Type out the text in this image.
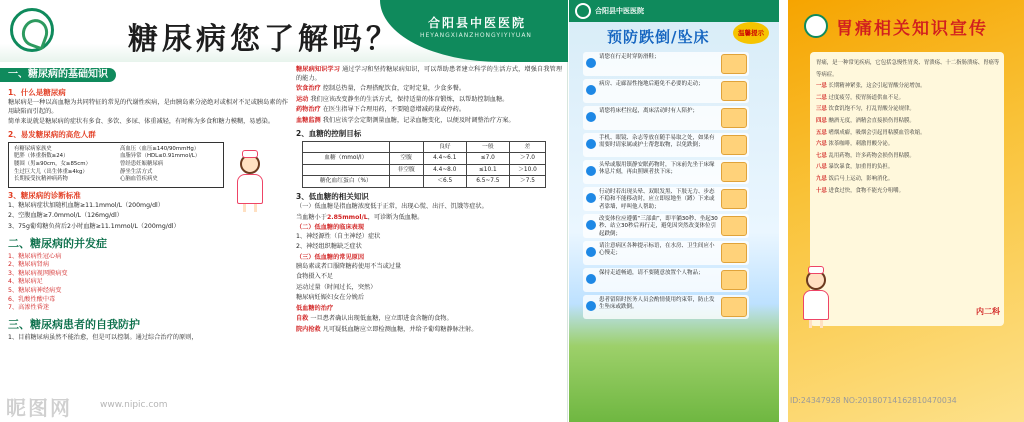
糖尿病您了解吗？ 合阳县中医医院
HEYANGXIANZHONGYIYIYUAN
一、糖尿病的基础知识
1、什么是糖尿病
糖尿病是一种以高血糖为共同特征的常见的代谢性疾病，是由胰岛素分泌绝对或相对不足或胰岛素的作用缺陷而引起的。
简单来说就是糖尿病的症状有多食、多饮、多尿、体重减轻，有时称为多食和糖力模糊，易感染。
2、易发糖尿病的高危人群
有糖尿病家族史	高血压（血压≥140/90mmHg）
肥胖（体重指数≥24）	血脂异常（HDL≤0.91mmol/L）
腰围（男≥90cm，女≥85cm）	曾经患妊娠糖尿病
生过巨大儿（出生体重≥4kg）	静坐生活方式
长期接受抗精神病药物	心脑血管疾病史
3、糖尿病的诊断标准
1、糖尿病症状加随机血糖≥11.1mmol/L（200mg/dl）
2、空腹血糖≥7.0mmol/L（126mg/dl）
3、75g葡萄糖负荷后2小时血糖≥11.1mmol/L（200mg/dl）
二、糖尿病的并发症
1、糖尿病性冠心病
2、糖尿病肾病
3、糖尿病视网膜病变
4、糖尿病足
5、糖尿病神经病变
6、乳酸性酸中毒
7、高渗性昏迷
三、糖尿病患者的自我防护
1、目前糖尿病虽然不能治愈，但是可以控制。通过综合治疗的原则，
糖尿病知识学习 通过学习和坚持糖尿病知识，可以帮助患者建立科学的生活方式，增强自我管理的能力。
饮食治疗 控制总热量，合理搭配饮食，定时定量，少食多餐。
运动 我们应该改变静坐的生活方式，保持适量的体育锻炼，以帮助控制血糖。
药物治疗 在医生指导下合理用药，不要随意增减药量或停药。
血糖监测 我们应该学会定期测量血糖，记录血糖变化，以便及时调整治疗方案。
2、血糖的控制目标
		良好	一般	差
血糖（mmol/l）	空腹	4.4~6.1	≤7.0	＞7.0
	非空腹	4.4~8.0	≤10.1	＞10.0
糖化血红蛋白（%）		＜6.5	6.5~7.5	＞7.5
3、低血糖的相关知识
（一）低血糖是指血糖浓度低于正常，出现心慌、出汗、饥饿等症状。
当血糖小于2.85mmol/L，可诊断为低血糖。
（二）低血糖的临床表现
1、神经源性（自主神经）症状
2、神经组织糖缺乏症状
（三）低血糖的常见原因
胰岛素或者口服降糖药使用不当或过量
食物摄入不足
运动过量（时间过长，突然）
糖尿病妊娠妇女在分娩后
低血糖的治疗
自救 一旦患者确认出现低血糖，应立即进食含糖的食物。
院内抢救 凡可疑低血糖应立即检测血糖，并给予葡萄糖静脉注射。
昵图网	www.nipic.com
合阳县中医医院
预防跌倒/坠床	温馨提示
请您在行走时穿防滑鞋；
病房、走廊湿性拖地后避免不必要的走动；
请您将床栏拉起，离床活动时有人陪护；
手机、眼镜、杂志等放在随手易取之处，如果有需要时请家属或护士帮您取物，以免跌倒；
头晕或服用镇静安眠药物时，下床前先坐于床缘休息片刻，再由照顾者扶下床；
行动时若出现头晕、双眼发黑、下肢无力、步态不稳和不能移动时，应立即原地坐（蹲）下来或者靠墙，呼叫他人帮助；
改变体位应遵循“三部曲”，即平躺30秒、坐起30秒、站立30秒后再行走，避免因突然改变体位引起跌倒；
请注意病区各种提示标语，在水房、卫生间应小心慢走；
保持走道畅通，请不要随意放置个人物品；
患者留陪时医务人员会酌情使用约束带，防止发生坠床或跌倒。
胃痛相关知识宣传
胃痛，是一种常见疾病，它包括急慢性胃炎、胃溃疡、十二指肠溃疡、胃癌等等病症。
一忌 长期精神紧张，这会引起胃酸分泌增加。
二忌 过度疲劳，使胃肠道供血不足。
三忌 饮食饥饱不匀，打乱胃酸分泌规律。
四忌 酗酒无度，酒精会直接损伤胃粘膜。
五忌 嗜烟成癖，吸烟会引起胃粘膜血管收缩。
六忌 浓茶咖啡，刺激胃酸分泌。
七忌 乱用药物，许多药物会损伤胃粘膜。
八忌 暴饮暴食，加重胃的负担。
九忌 饭后马上运动，影响消化。
十忌 进食过快，食物不能充分咀嚼。
内二科
ID:24347928 NO:20180714162810470034
